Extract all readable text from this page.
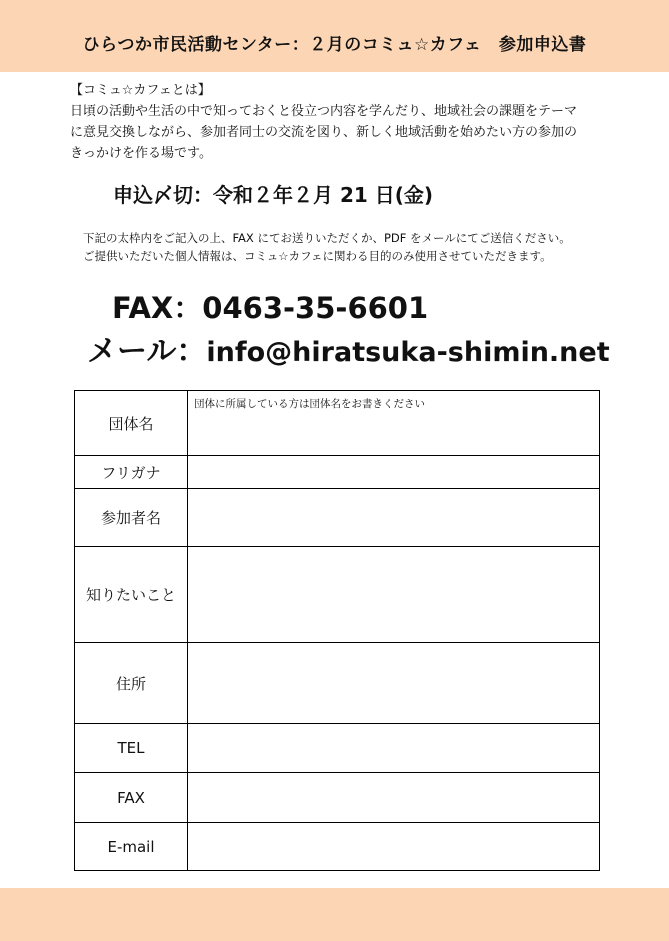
ひらつか市民活動センター：２月のコミュ☆カフェ　参加申込書

【コミュ☆カフェとは】

日頃の活動や生活の中で知っておくと役立つ内容を学んだり、地域社会の課題をテーマ

に意見交換しながら、参加者同士の交流を図り、新しく地域活動を始めたい方の参加の

きっかけを作る場です。

申込〆切：令和２年２月 21 日(金)

下記の太枠内をご記入の上、FAX にてお送りいただくか、PDF をメールにてご送信ください。

ご提供いただいた個人情報は、コミュ☆カフェに関わる目的のみ使用させていただきます。

FAX：0463-35-6601
メール：info@hiratsuka-shimin.net
団体名	団体に所属している方は団体名をお書きください

フリガナ	
参加者名	
知りたいこと	
住所	
TEL	
FAX	
E-mail	
